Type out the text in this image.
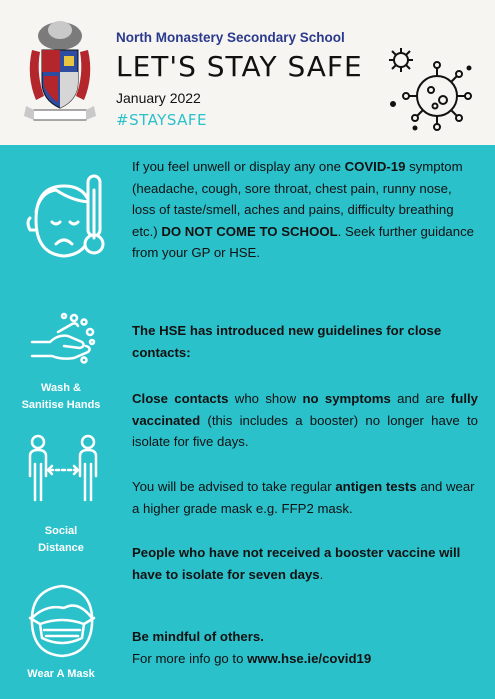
North Monastery Secondary School
LET'S STAY SAFE
January 2022
#STAYSAFE
Wash &
Sanitise Hands
Social
Distance
Wear A Mask
If you feel unwell or display any one COVID-19 symptom (headache, cough, sore throat, chest pain, runny nose, loss of taste/smell, aches and pains, difficulty breathing etc.) DO NOT COME TO SCHOOL. Seek further guidance from your GP or HSE.
The HSE has introduced new guidelines for close contacts:
Close contacts who show no symptoms and are fully vaccinated (this includes a booster) no longer have to isolate for five days.
You will be advised to take regular antigen tests and wear a higher grade mask e.g. FFP2 mask.
People who have not received a booster vaccine will have to isolate for seven days.
Be mindful of others.
For more info go to www.hse.ie/covid19
